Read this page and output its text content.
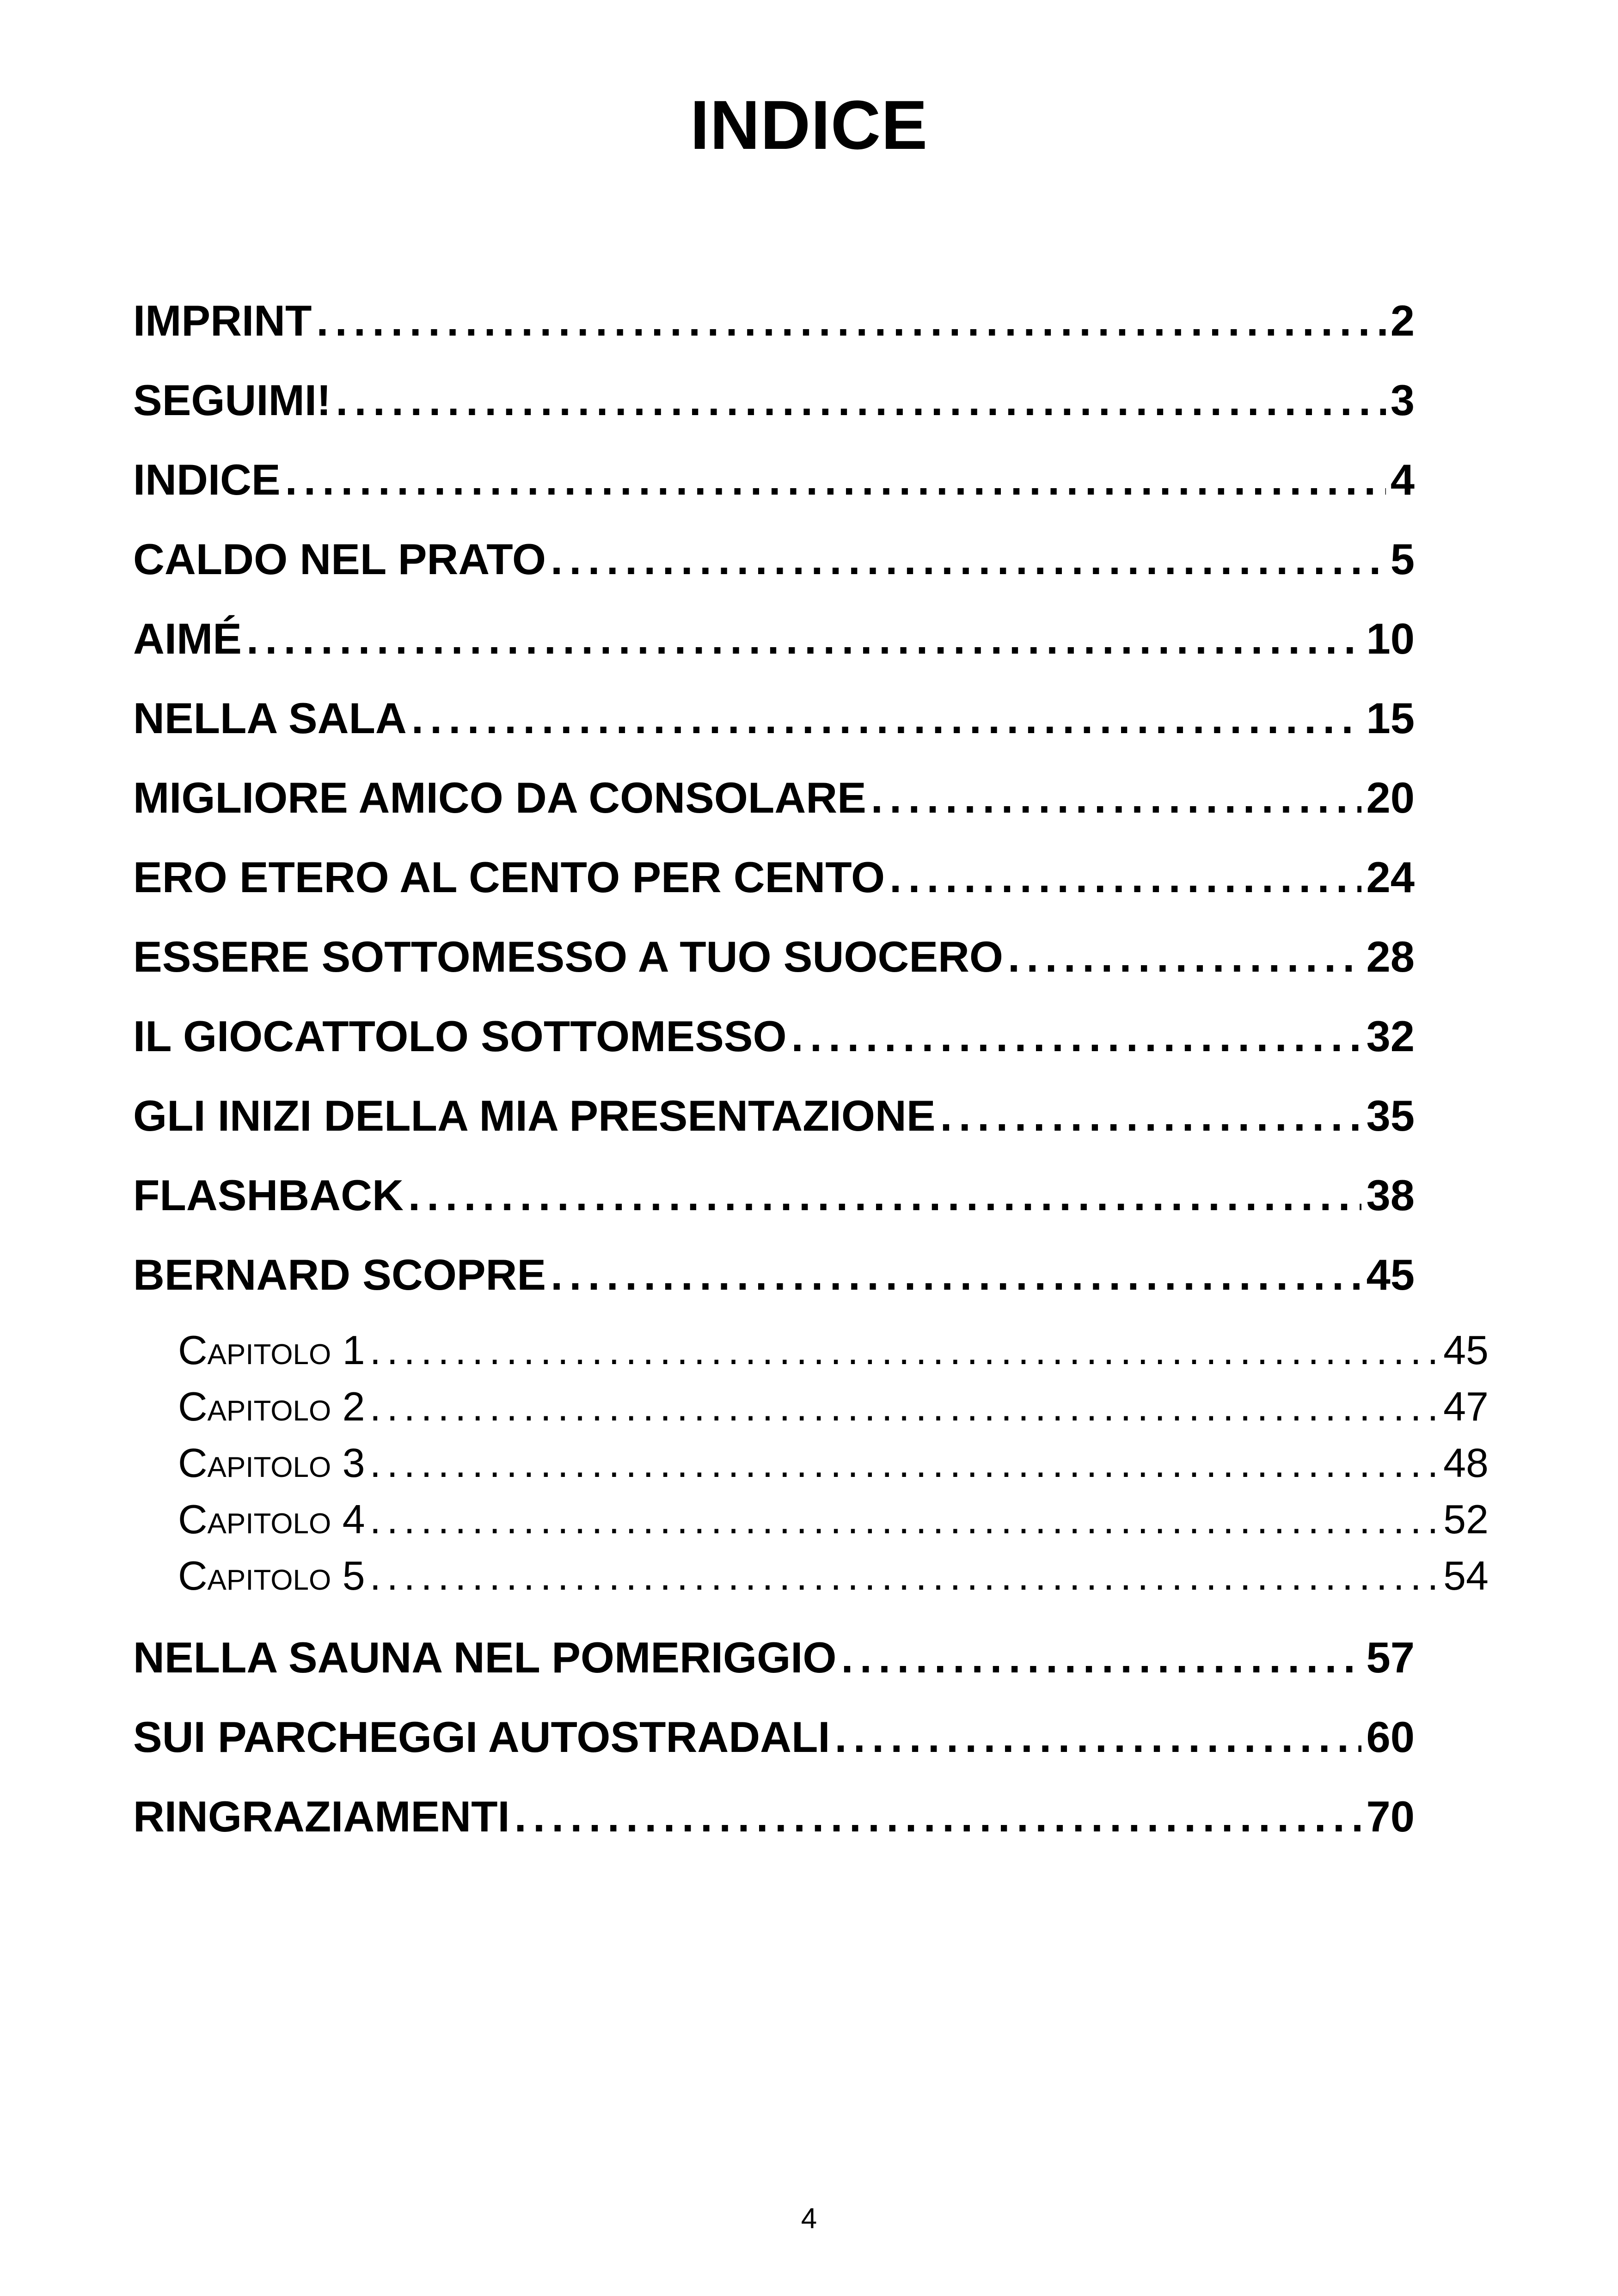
INDICE
IMPRINT . . .	2
SEGUIMI! . . .	3
INDICE . . .	4
CALDO NEL PRATO . . .	5
AIMÉ . . .	10
NELLA SALA . . .	15
MIGLIORE AMICO DA CONSOLARE . . .	20
ERO ETERO AL CENTO PER CENTO . . .	24
ESSERE SOTTOMESSO A TUO SUOCERO . . .	28
IL GIOCATTOLO SOTTOMESSO . . .	32
GLI INIZI DELLA MIA PRESENTAZIONE . . .	35
FLASHBACK . . .	38
BERNARD SCOPRE . . .	45
Capitolo 1 . . .	45
Capitolo 2 . . .	47
Capitolo 3 . . .	48
Capitolo 4 . . .	52
Capitolo 5 . . .	54
NELLA SAUNA NEL POMERIGGIO . . .	57
SUI PARCHEGGI AUTOSTRADALI . . .	60
RINGRAZIAMENTI . . .	70
4
